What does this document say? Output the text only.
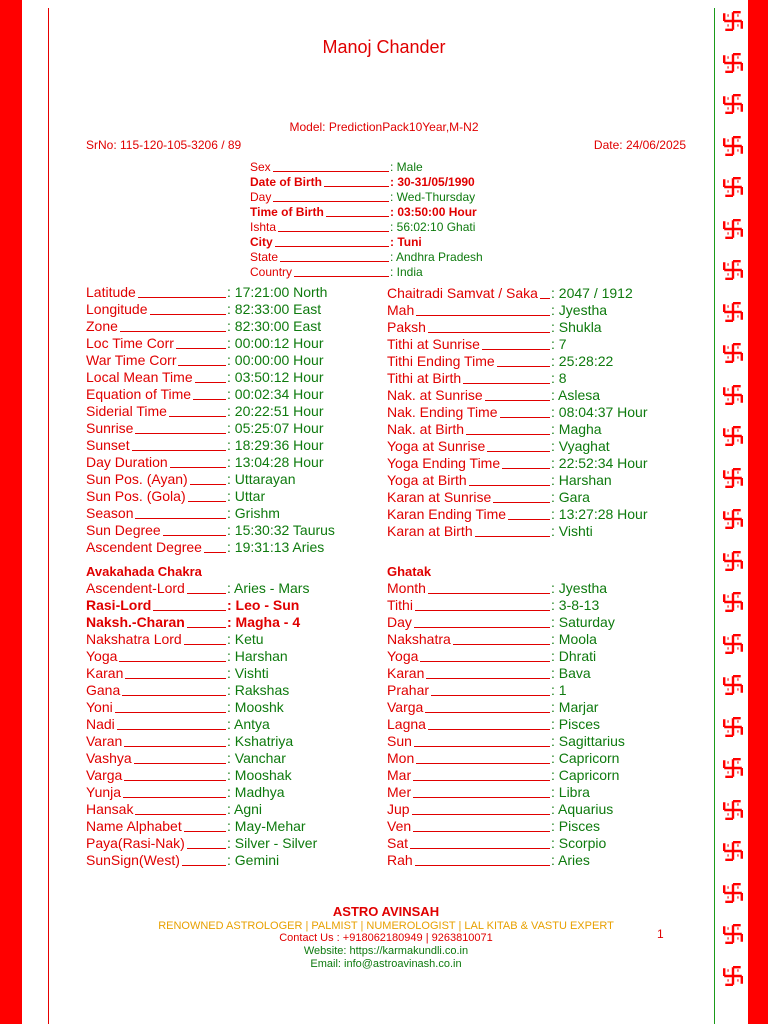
Manoj Chander
Model: PredictionPack10Year,M-N2
SrNo: 115-120-105-3206 / 89	Date: 24/06/2025
Sex	: Male
Date of Birth	: 30-31/05/1990
Day	: Wed-Thursday
Time of Birth	: 03:50:00 Hour
Ishta	: 56:02:10 Ghati
City	: Tuni
State	: Andhra Pradesh
Country	: India
Latitude	: 17:21:00 North
Longitude	: 82:33:00 East
Zone	: 82:30:00 East
Loc Time Corr	: 00:00:12 Hour
War Time Corr	: 00:00:00 Hour
Local Mean Time : 03:50:12 Hour
Equation of Time	: 00:02:34 Hour
Siderial Time	: 20:22:51 Hour
Sunrise	: 05:25:07 Hour
Sunset	: 18:29:36 Hour
Day Duration	: 13:04:28 Hour
Sun Pos. (Ayan)	: Uttarayan
Sun Pos. (Gola)	: Uttar
Season	: Grishm
Sun Degree	: 15:30:32 Taurus
Ascendent Degree : 19:31:13 Aries
Chaitradi Samvat / Saka : 2047 / 1912
Mah	: Jyestha
Paksh	: Shukla
Tithi at Sunrise	: 7
Tithi Ending Time	: 25:28:22
Tithi at Birth	: 8
Nak. at Sunrise	: Aslesa
Nak. Ending Time	: 08:04:37 Hour
Nak. at Birth	: Magha
Yoga at Sunrise	: Vyaghat
Yoga Ending Time	: 22:52:34 Hour
Yoga at Birth	: Harshan
Karan at Sunrise	: Gara
Karan Ending Time	: 13:27:28 Hour
Karan at Birth	: Vishti
Avakahada Chakra
Ascendent-Lord	: Aries - Mars
Rasi-Lord	: Leo - Sun
Naksh.-Charan	: Magha - 4
Nakshatra Lord	: Ketu
Yoga	: Harshan
Karan	: Vishti
Gana	: Rakshas
Yoni	: Mooshk
Nadi	: Antya
Varan	: Kshatriya
Vashya	: Vanchar
Varga	: Mooshak
Yunja	: Madhya
Hansak	: Agni
Name Alphabet	: May-Mehar
Paya(Rasi-Nak)	: Silver - Silver
SunSign(West)	: Gemini
Ghatak
Month	: Jyestha
Tithi	: 3-8-13
Day	: Saturday
Nakshatra	: Moola
Yoga	: Dhrati
Karan	: Bava
Prahar	: 1
Varga	: Marjar
Lagna	: Pisces
Sun	: Sagittarius
Mon	: Capricorn
Mar	: Capricorn
Mer	: Libra
Jup	: Aquarius
Ven	: Pisces
Sat	: Scorpio
Rah	: Aries
ASTRO AVINSAH
RENOWNED ASTROLOGER | PALMIST | NUMEROLOGIST | LAL KITAB & VASTU EXPERT
Contact Us : +918062180949 | 9263810071
Website: https://karmakundli.co.in
Email: info@astroavinash.co.in
1
